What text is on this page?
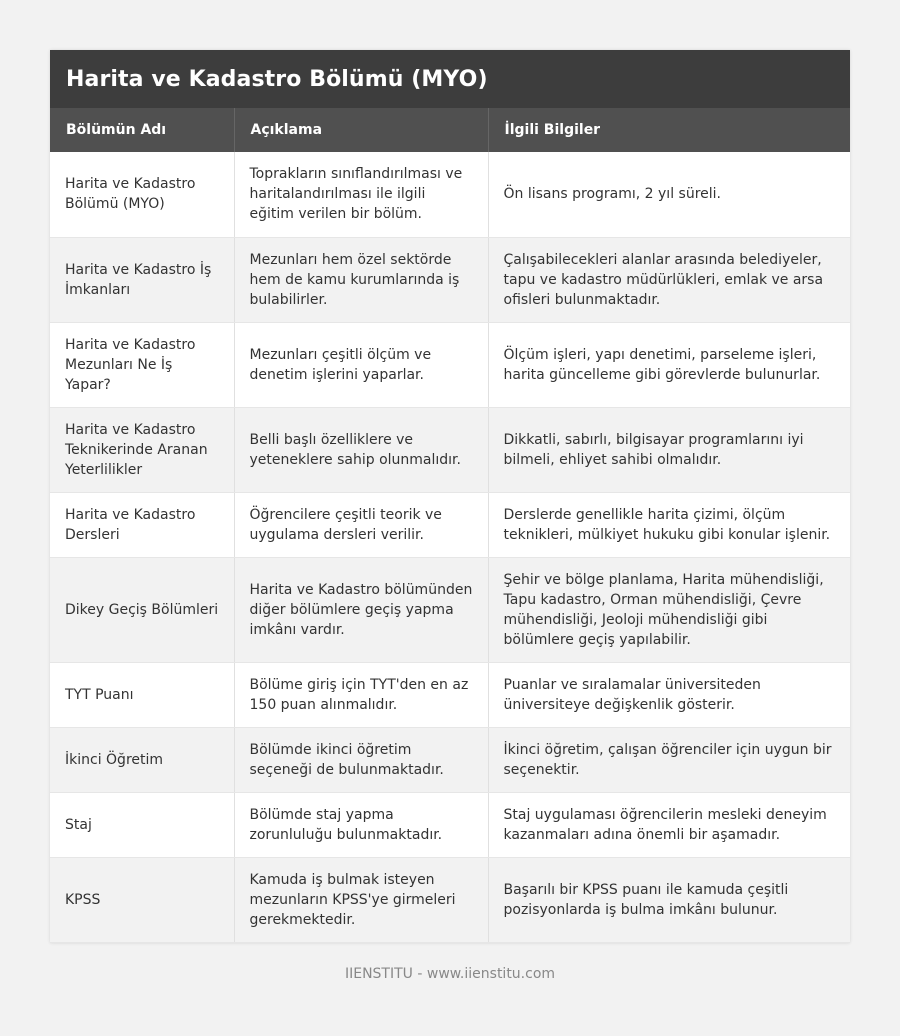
Harita ve Kadastro Bölümü (MYO)
Bölümün Adı	Açıklama	İlgili Bilgiler
Harita ve Kadastro Bölümü (MYO)	Toprakların sınıflandırılması ve haritalandırılması ile ilgili eğitim verilen bir bölüm.	Ön lisans programı, 2 yıl süreli.
Harita ve Kadastro İş İmkanları	Mezunları hem özel sektörde hem de kamu kurumlarında iş bulabilirler.	Çalışabilecekleri alanlar arasında belediyeler, tapu ve kadastro müdürlükleri, emlak ve arsa ofisleri bulunmaktadır.
Harita ve Kadastro Mezunları Ne İş Yapar?	Mezunları çeşitli ölçüm ve denetim işlerini yaparlar.	Ölçüm işleri, yapı denetimi, parseleme işleri, harita güncelleme gibi görevlerde bulunurlar.
Harita ve Kadastro Teknikerinde Aranan Yeterlilikler	Belli başlı özelliklere ve yeteneklere sahip olunmalıdır.	Dikkatli, sabırlı, bilgisayar programlarını iyi bilmeli, ehliyet sahibi olmalıdır.
Harita ve Kadastro Dersleri	Öğrencilere çeşitli teorik ve uygulama dersleri verilir.	Derslerde genellikle harita çizimi, ölçüm teknikleri, mülkiyet hukuku gibi konular işlenir.
Dikey Geçiş Bölümleri	Harita ve Kadastro bölümünden diğer bölümlere geçiş yapma imkânı vardır.	Şehir ve bölge planlama, Harita mühendisliği, Tapu kadastro, Orman mühendisliği, Çevre mühendisliği, Jeoloji mühendisliği gibi bölümlere geçiş yapılabilir.
TYT Puanı	Bölüme giriş için TYT'den en az 150 puan alınmalıdır.	Puanlar ve sıralamalar üniversiteden üniversiteye değişkenlik gösterir.
İkinci Öğretim	Bölümde ikinci öğretim seçeneği de bulunmaktadır.	İkinci öğretim, çalışan öğrenciler için uygun bir seçenektir.
Staj	Bölümde staj yapma zorunluluğu bulunmaktadır.	Staj uygulaması öğrencilerin mesleki deneyim kazanmaları adına önemli bir aşamadır.
KPSS	Kamuda iş bulmak isteyen mezunların KPSS'ye girmeleri gerekmektedir.	Başarılı bir KPSS puanı ile kamuda çeşitli pozisyonlarda iş bulma imkânı bulunur.
IIENSTITU - www.iienstitu.com
